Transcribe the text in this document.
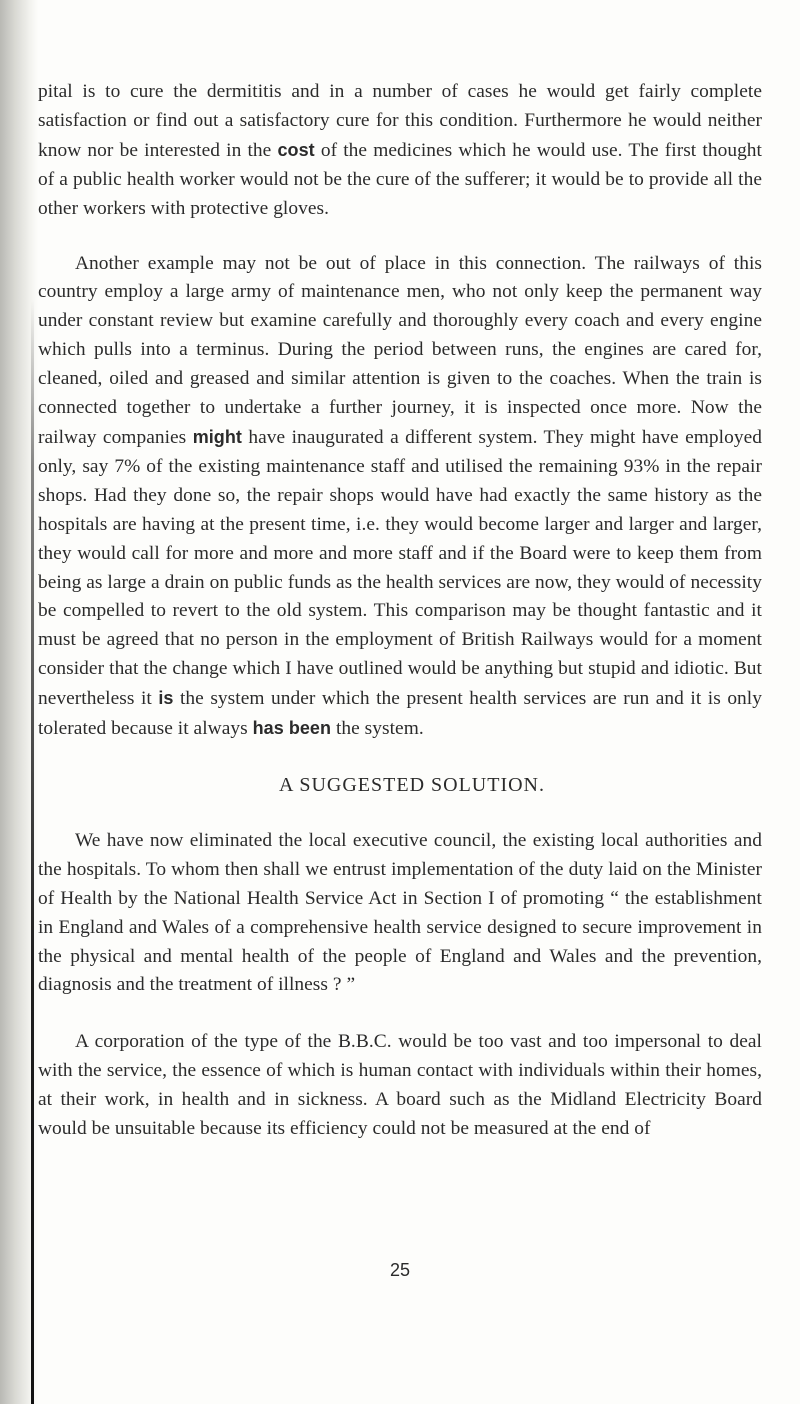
pital is to cure the dermititis and in a number of cases he would get fairly complete satisfaction or find out a satisfactory cure for this condition. Furthermore he would neither know nor be interested in the cost of the medicines which he would use. The first thought of a public health worker would not be the cure of the sufferer; it would be to provide all the other workers with protective gloves.

Another example may not be out of place in this connection. The railways of this country employ a large army of maintenance men, who not only keep the permanent way under constant review but examine carefully and thoroughly every coach and every engine which pulls into a terminus. During the period between runs, the engines are cared for, cleaned, oiled and greased and similar attention is given to the coaches. When the train is connected together to undertake a further journey, it is inspected once more. Now the railway companies might have inaugurated a different system. They might have employed only, say 7% of the existing maintenance staff and utilised the remaining 93% in the repair shops. Had they done so, the repair shops would have had exactly the same history as the hospitals are having at the present time, i.e. they would become larger and larger and larger, they would call for more and more and more staff and if the Board were to keep them from being as large a drain on public funds as the health services are now, they would of necessity be compelled to revert to the old system. This comparison may be thought fantastic and it must be agreed that no person in the employment of British Railways would for a moment consider that the change which I have outlined would be anything but stupid and idiotic. But nevertheless it is the system under which the present health services are run and it is only tolerated because it always has been the system.

A SUGGESTED SOLUTION.

We have now eliminated the local executive council, the existing local authorities and the hospitals. To whom then shall we entrust implementation of the duty laid on the Minister of Health by the National Health Service Act in Section I of promoting “ the establishment in England and Wales of a comprehensive health service designed to secure improvement in the physical and mental health of the people of England and Wales and the prevention, diagnosis and the treatment of illness ? ”

A corporation of the type of the B.B.C. would be too vast and too impersonal to deal with the service, the essence of which is human contact with individuals within their homes, at their work, in health and in sickness. A board such as the Midland Electricity Board would be unsuitable because its efficiency could not be measured at the end of

25
